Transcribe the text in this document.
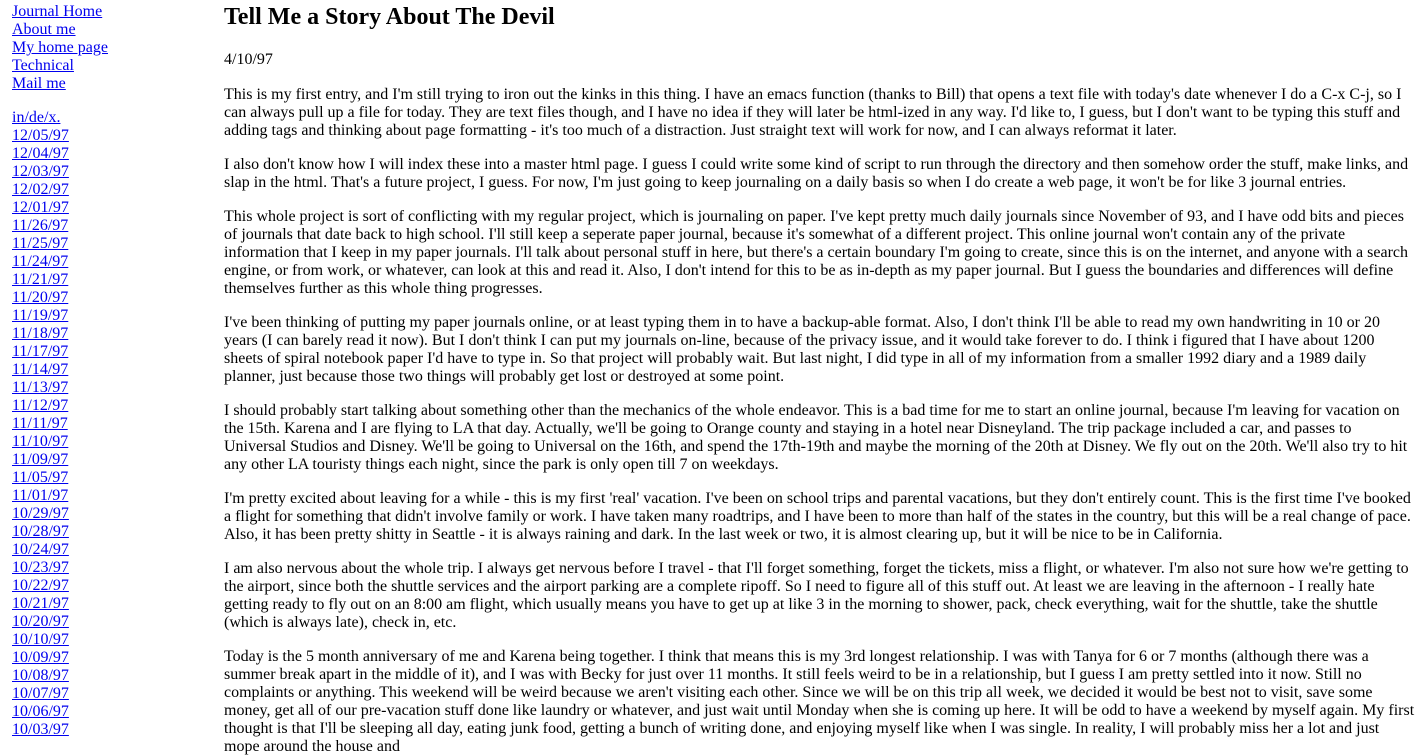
Journal Home
About me
My home page
Technical
Mail me
in/de/x.
12/05/97
12/04/97
12/03/97
12/02/97
12/01/97
11/26/97
11/25/97
11/24/97
11/21/97
11/20/97
11/19/97
11/18/97
11/17/97
11/14/97
11/13/97
11/12/97
11/11/97
11/10/97
11/09/97
11/05/97
11/01/97
10/29/97
10/28/97
10/24/97
10/23/97
10/22/97
10/21/97
10/20/97
10/10/97
10/09/97
10/08/97
10/07/97
10/06/97
10/03/97
Tell Me a Story About The Devil
4/10/97

This is my first entry, and I'm still trying to iron out the kinks in this thing. I have an emacs function (thanks to Bill) that opens a text file with today's date whenever I do a C-x C-j, so I can always pull up a file for today. They are text files though, and I have no idea if they will later be html-ized in any way. I'd like to, I guess, but I don't want to be typing this stuff and adding tags and thinking about page formatting - it's too much of a distraction. Just straight text will work for now, and I can always reformat it later.

I also don't know how I will index these into a master html page. I guess I could write some kind of script to run through the directory and then somehow order the stuff, make links, and slap in the html. That's a future project, I guess. For now, I'm just going to keep journaling on a daily basis so when I do create a web page, it won't be for like 3 journal entries.

This whole project is sort of conflicting with my regular project, which is journaling on paper. I've kept pretty much daily journals since November of 93, and I have odd bits and pieces of journals that date back to high school. I'll still keep a seperate paper journal, because it's somewhat of a different project. This online journal won't contain any of the private information that I keep in my paper journals. I'll talk about personal stuff in here, but there's a certain boundary I'm going to create, since this is on the internet, and anyone with a search engine, or from work, or whatever, can look at this and read it. Also, I don't intend for this to be as in-depth as my paper journal. But I guess the boundaries and differences will define themselves further as this whole thing progresses.

I've been thinking of putting my paper journals online, or at least typing them in to have a backup-able format. Also, I don't think I'll be able to read my own handwriting in 10 or 20 years (I can barely read it now). But I don't think I can put my journals on-line, because of the privacy issue, and it would take forever to do. I think i figured that I have about 1200 sheets of spiral notebook paper I'd have to type in. So that project will probably wait. But last night, I did type in all of my information from a smaller 1992 diary and a 1989 daily planner, just because those two things will probably get lost or destroyed at some point.

I should probably start talking about something other than the mechanics of the whole endeavor. This is a bad time for me to start an online journal, because I'm leaving for vacation on the 15th. Karena and I are flying to LA that day. Actually, we'll be going to Orange county and staying in a hotel near Disneyland. The trip package included a car, and passes to Universal Studios and Disney. We'll be going to Universal on the 16th, and spend the 17th-19th and maybe the morning of the 20th at Disney. We fly out on the 20th. We'll also try to hit any other LA touristy things each night, since the park is only open till 7 on weekdays.

I'm pretty excited about leaving for a while - this is my first 'real' vacation. I've been on school trips and parental vacations, but they don't entirely count. This is the first time I've booked a flight for something that didn't involve family or work. I have taken many roadtrips, and I have been to more than half of the states in the country, but this will be a real change of pace. Also, it has been pretty shitty in Seattle - it is always raining and dark. In the last week or two, it is almost clearing up, but it will be nice to be in California.

I am also nervous about the whole trip. I always get nervous before I travel - that I'll forget something, forget the tickets, miss a flight, or whatever. I'm also not sure how we're getting to the airport, since both the shuttle services and the airport parking are a complete ripoff. So I need to figure all of this stuff out. At least we are leaving in the afternoon - I really hate getting ready to fly out on an 8:00 am flight, which usually means you have to get up at like 3 in the morning to shower, pack, check everything, wait for the shuttle, take the shuttle (which is always late), check in, etc.

Today is the 5 month anniversary of me and Karena being together. I think that means this is my 3rd longest relationship. I was with Tanya for 6 or 7 months (although there was a summer break apart in the middle of it), and I was with Becky for just over 11 months. It still feels weird to be in a relationship, but I guess I am pretty settled into it now. Still no complaints or anything. This weekend will be weird because we aren't visiting each other. Since we will be on this trip all week, we decided it would be best not to visit, save some money, get all of our pre-vacation stuff done like laundry or whatever, and just wait until Monday when she is coming up here. It will be odd to have a weekend by myself again. My first thought is that I'll be sleeping all day, eating junk food, getting a bunch of writing done, and enjoying myself like when I was single. In reality, I will probably miss her a lot and just mope around the house and
